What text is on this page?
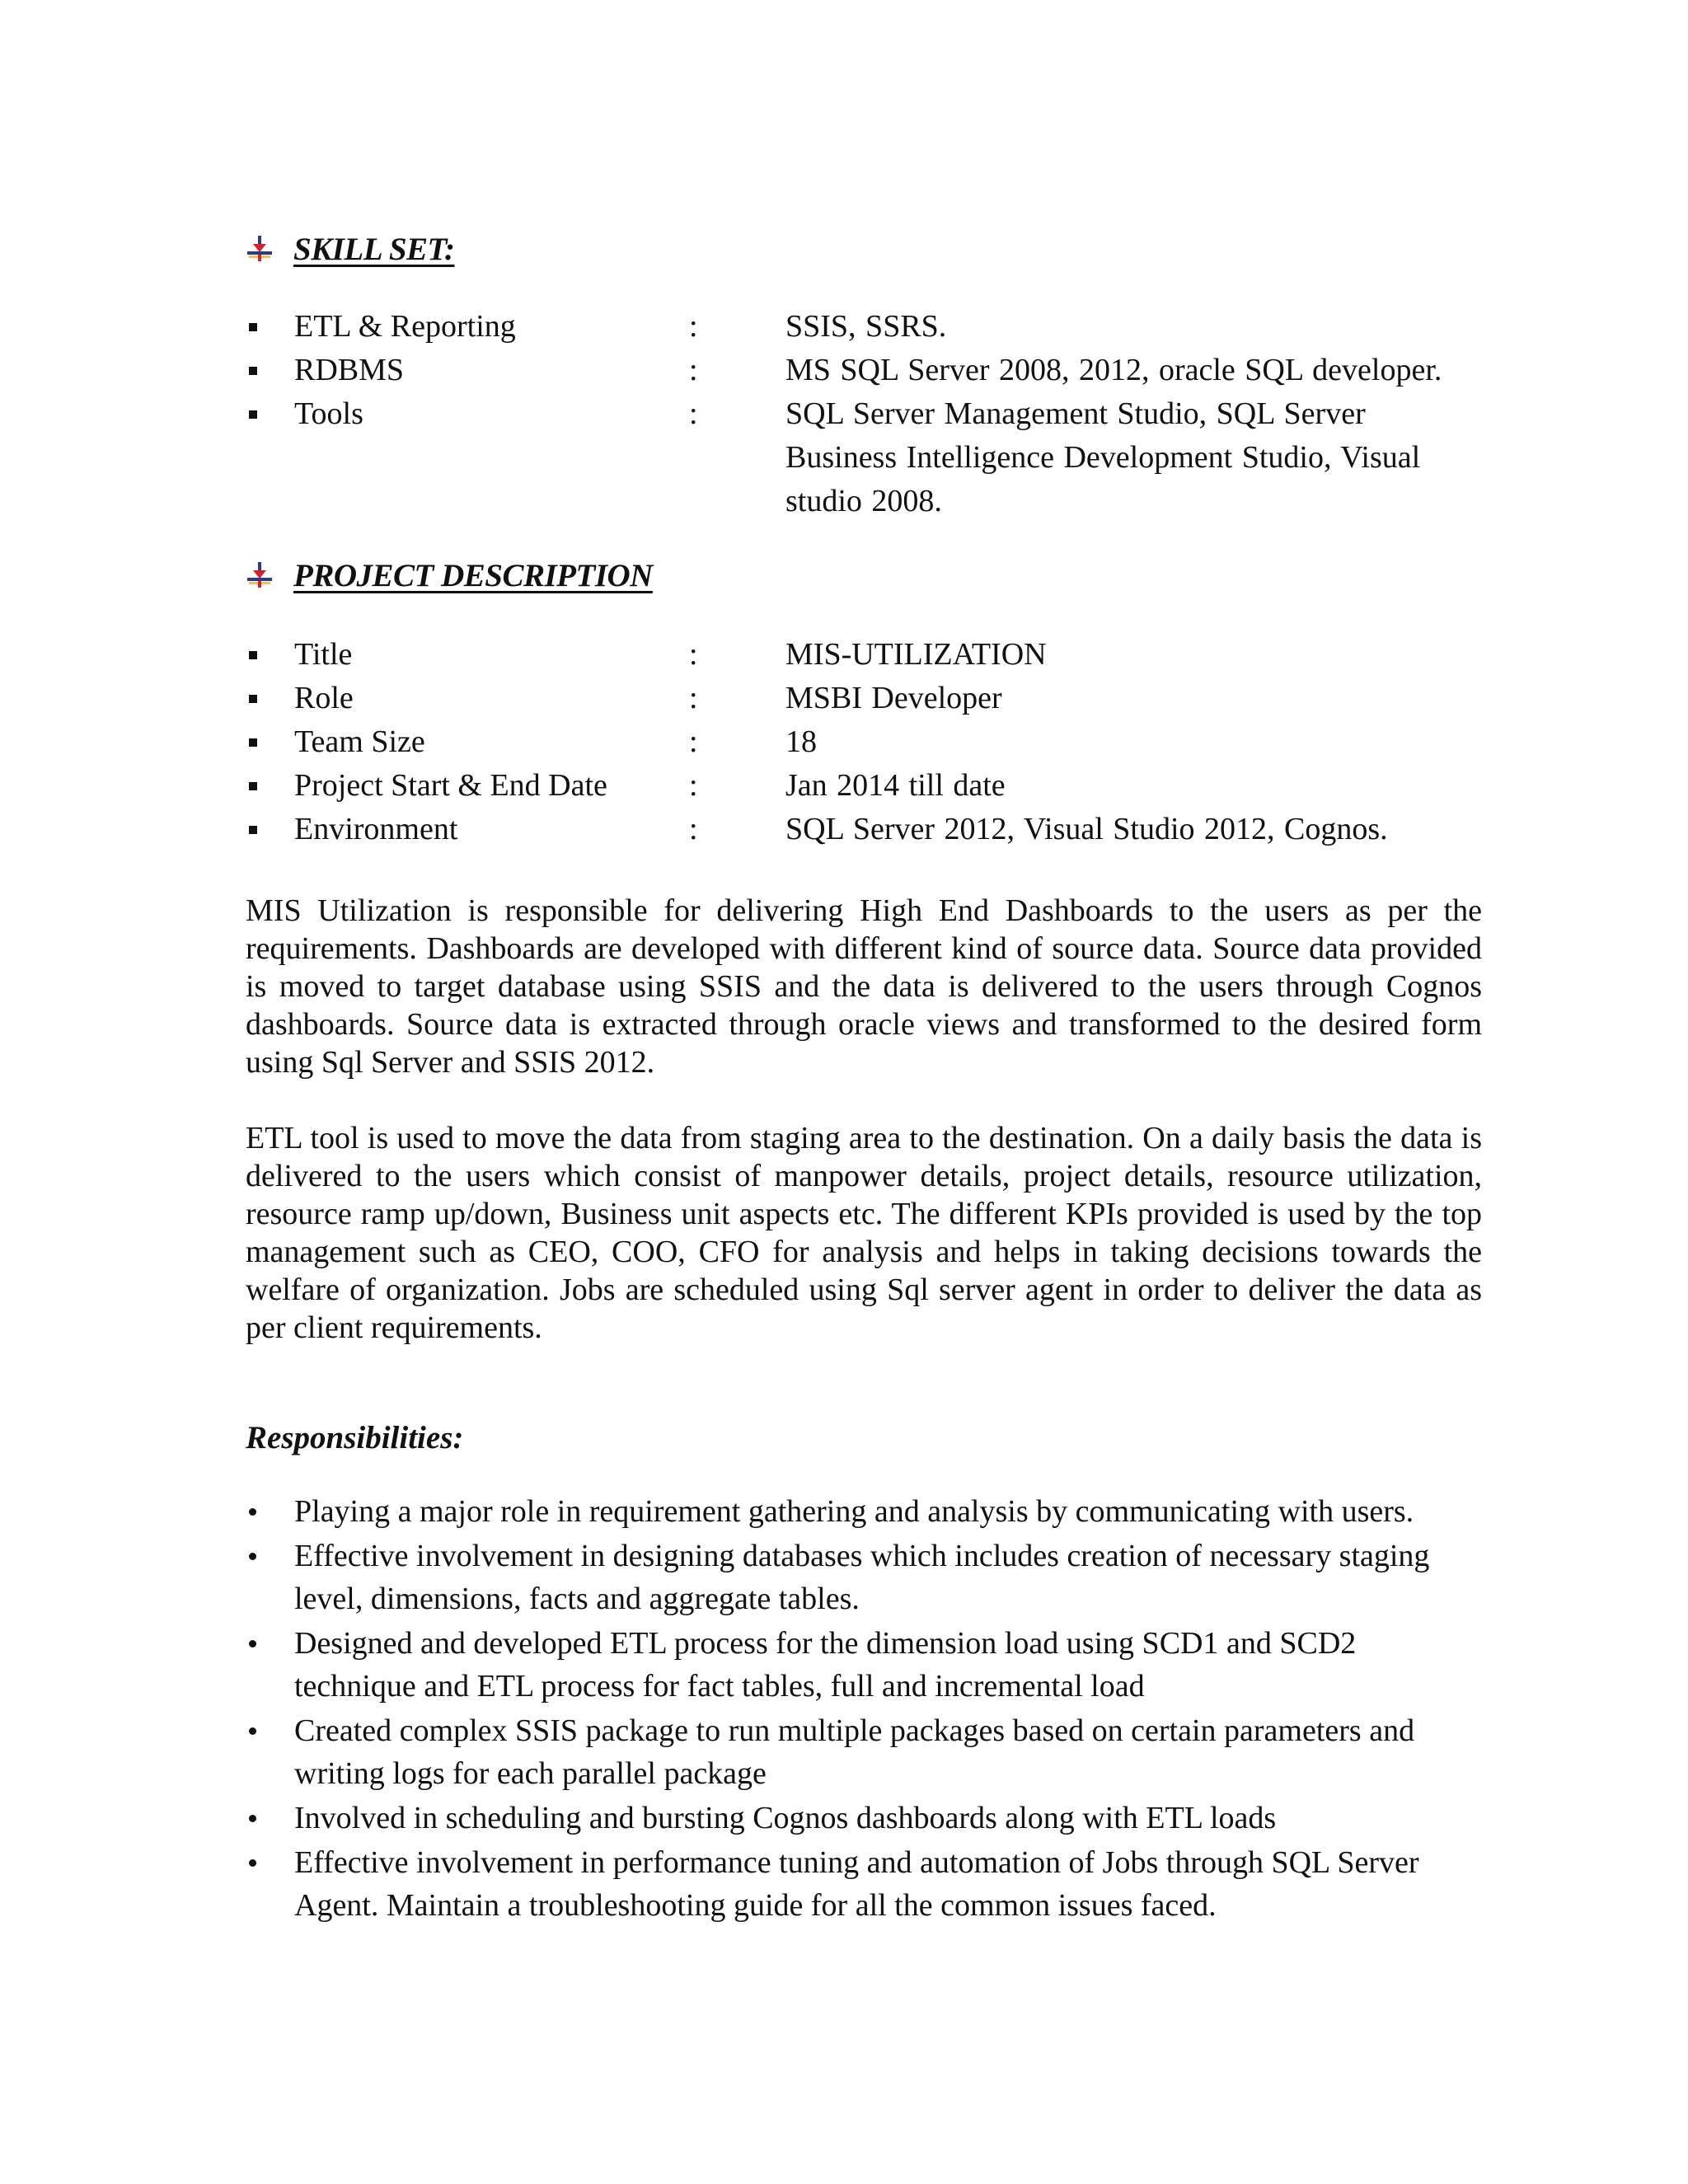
SKILL SET:
ETL & Reporting	:	SSIS, SSRS.
RDBMS	:	MS SQL Server 2008, 2012, oracle SQL developer.
Tools	:	SQL Server Management Studio, SQL Server Business Intelligence Development Studio, Visual studio 2008.
PROJECT DESCRIPTION
Title	:	MIS-UTILIZATION
Role	:	MSBI Developer
Team Size	:	18
Project Start & End Date	:	Jan 2014 till date
Environment	:	SQL Server 2012, Visual Studio 2012, Cognos.

MIS Utilization is responsible for delivering High End Dashboards to the users as per the requirements. Dashboards are developed with different kind of source data. Source data provided is moved to target database using SSIS and the data is delivered to the users through Cognos dashboards. Source data is extracted through oracle views and transformed to the desired form using Sql Server and SSIS 2012.

ETL tool is used to move the data from staging area to the destination. On a daily basis the data is delivered to the users which consist of manpower details, project details, resource utilization, resource ramp up/down, Business unit aspects etc. The different KPIs provided is used by the top management such as CEO, COO, CFO for analysis and helps in taking decisions towards the welfare of organization. Jobs are scheduled using Sql server agent in order to deliver the data as per client requirements.

Responsibilities:
Playing a major role in requirement gathering and analysis by communicating with users.
Effective involvement in designing databases which includes creation of necessary staging level, dimensions, facts and aggregate tables.
Designed and developed ETL process for the dimension load using SCD1 and SCD2 technique and ETL process for fact tables, full and incremental load
Created complex SSIS package to run multiple packages based on certain parameters and writing logs for each parallel package
Involved in scheduling and bursting Cognos dashboards along with ETL loads
Effective involvement in performance tuning and automation of Jobs through SQL Server Agent. Maintain a troubleshooting guide for all the common issues faced.
